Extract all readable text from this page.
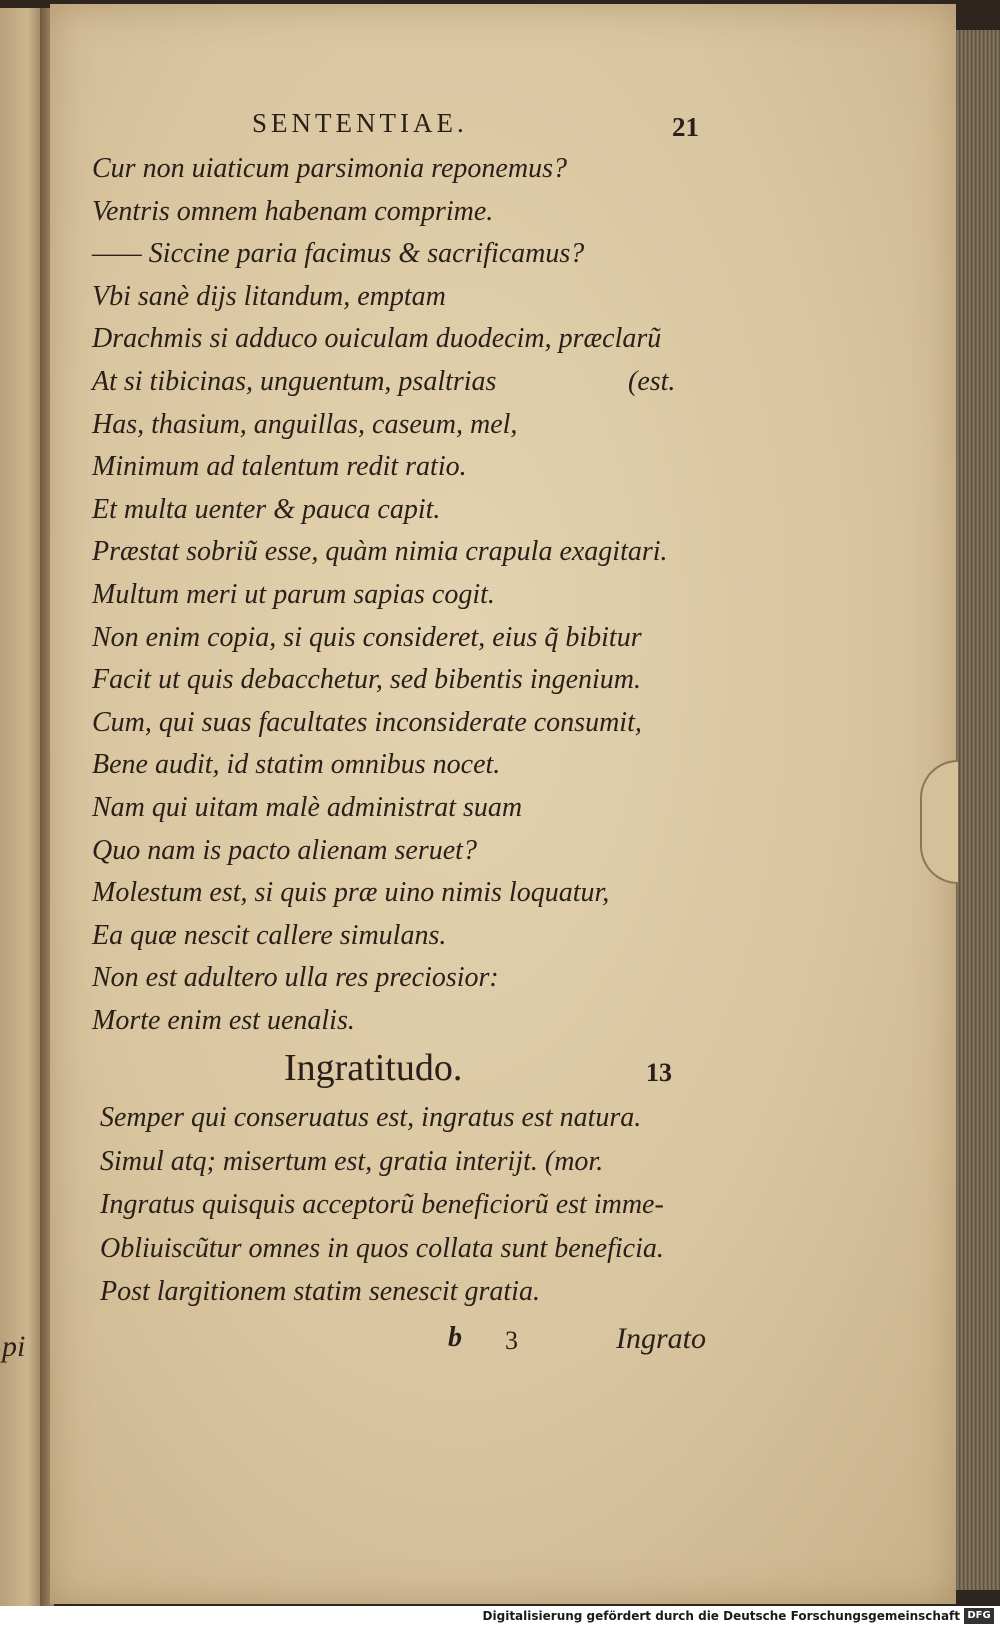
pi
SENTENTIAE.	21
Cur non uiaticum parsimonia reponemus?
Ventris omnem habenam comprime.
—— Siccine paria facimus & sacrificamus?
Vbi sanè dijs litandum, emptam
Drachmis si adduco ouiculam duodecim, præclarũ
At si tibicinas, unguentum, psaltrias	(est.
Has, thasium, anguillas, caseum, mel,
Minimum ad talentum redit ratio.
Et multa uenter & pauca capit.
Præstat sobriũ esse, quàm nimia crapula exagitari.
Multum meri ut parum sapias cogit.
Non enim copia, si quis consideret, eius q̃ bibitur
Facit ut quis debacchetur, sed bibentis ingenium.
Cum, qui suas facultates inconsiderate consumit,
Bene audit, id statim omnibus nocet.
Nam qui uitam malè administrat suam
Quo nam is pacto alienam seruet?
Molestum est, si quis præ uino nimis loquatur,
Ea quæ nescit callere simulans.
Non est adultero ulla res preciosior:
Morte enim est uenalis.
Ingratitudo.	13
Semper qui conseruatus est, ingratus est natura.
Simul atq; misertum est, gratia interijt. (mor.
Ingratus quisquis acceptorũ beneficiorũ est imme-
Obliuiscũtur omnes in quos collata sunt beneficia.
Post largitionem statim senescit gratia.
b 3	Ingrato
Digitalisierung gefördert durch die Deutsche Forschungsgemeinschaft DFG
